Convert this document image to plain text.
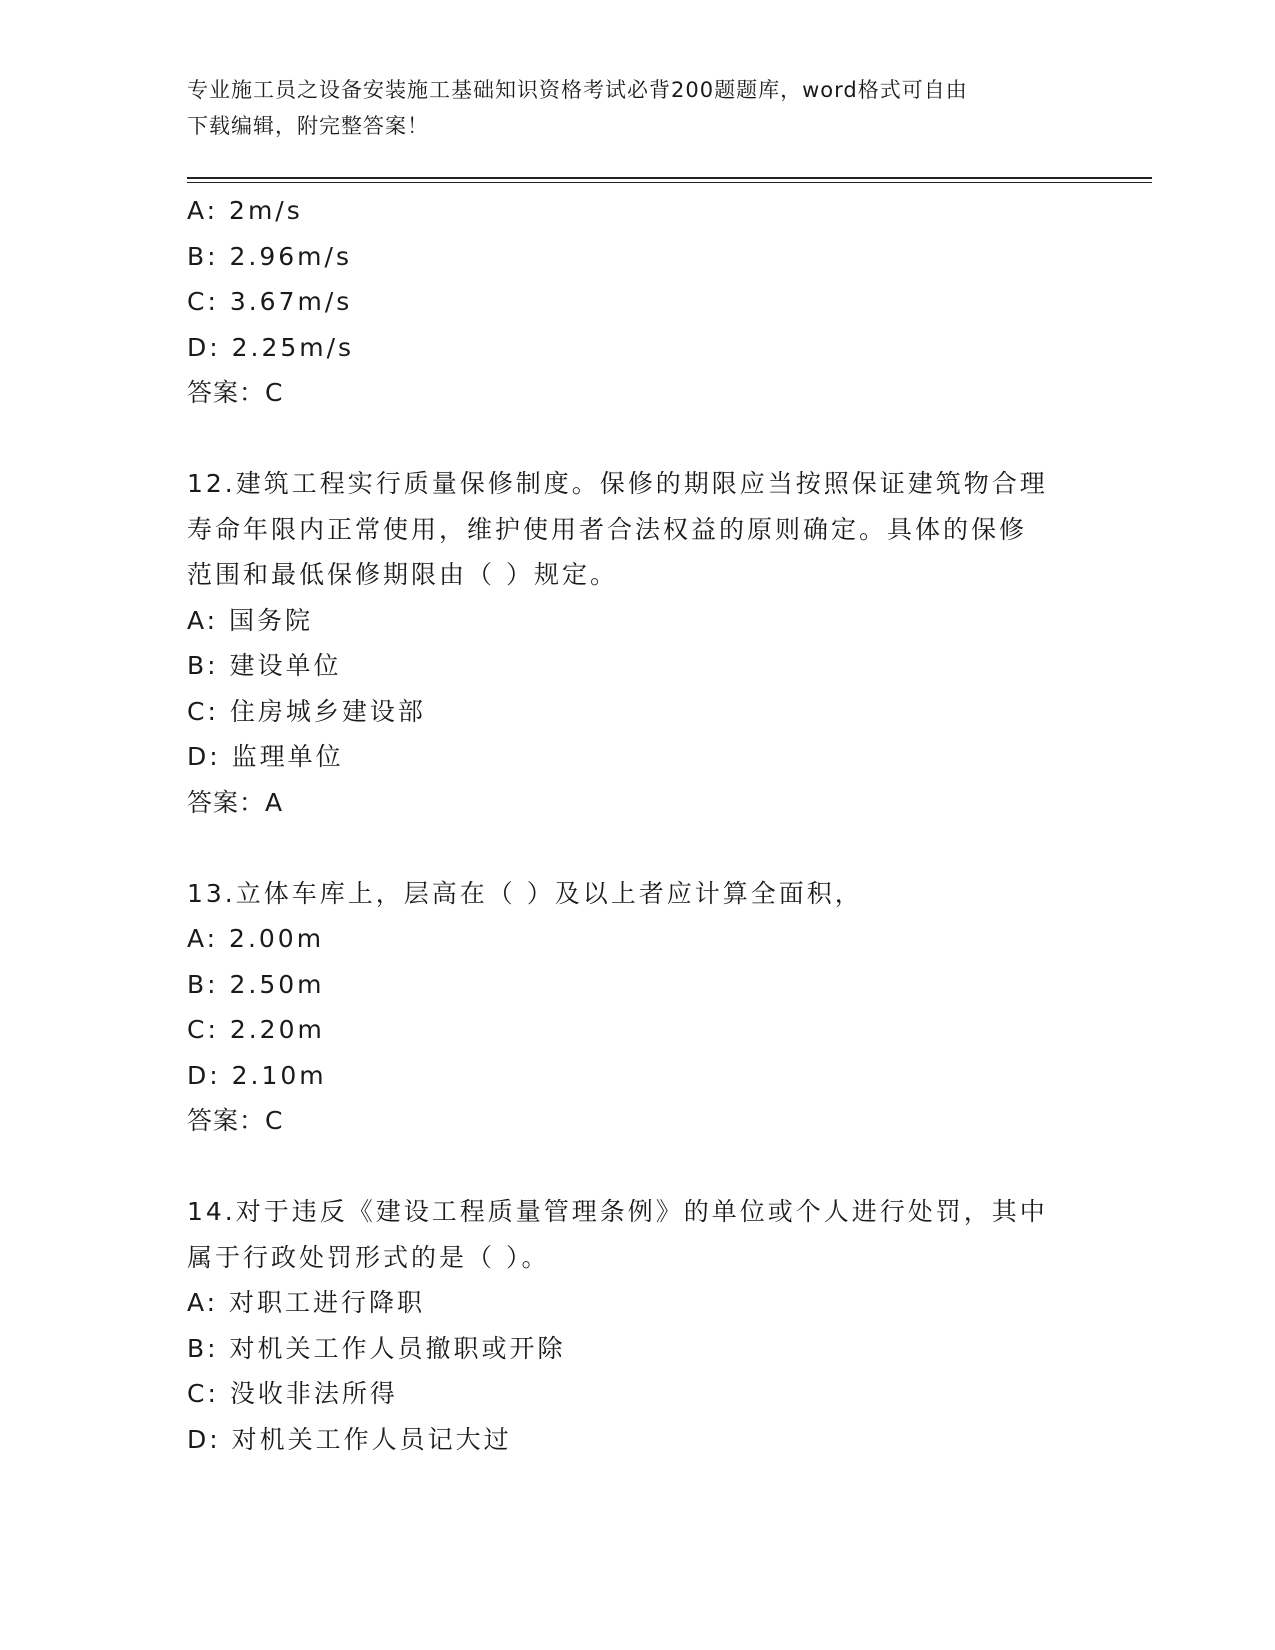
专业施工员之设备安装施工基础知识资格考试必背200题题库，word格式可自由
下载编辑，附完整答案！
A: 2m/s
B: 2.96m/s
C: 3.67m/s
D: 2.25m/s
答案：C
12.建筑工程实行质量保修制度。保修的期限应当按照保证建筑物合理
寿命年限内正常使用，维护使用者合法权益的原则确定。具体的保修
范围和最低保修期限由（ ）规定。
A: 国务院
B: 建设单位
C: 住房城乡建设部
D: 监理单位
答案：A
13.立体车库上，层高在（ ）及以上者应计算全面积，
A: 2.00m
B: 2.50m
C: 2.20m
D: 2.10m
答案：C
14.对于违反《建设工程质量管理条例》的单位或个人进行处罚，其中
属于行政处罚形式的是（ ）。
A: 对职工进行降职
B: 对机关工作人员撤职或开除
C: 没收非法所得
D: 对机关工作人员记大过
